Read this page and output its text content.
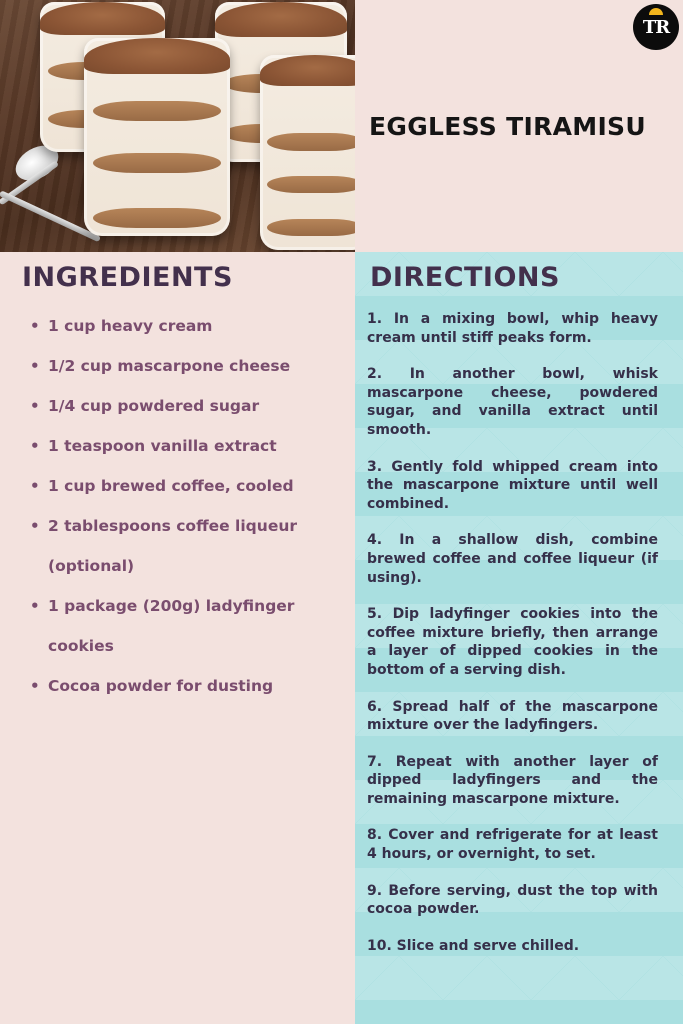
TR
EGGLESS TIRAMISU
INGREDIENTS
• 1 cup heavy cream
• 1/2 cup mascarpone cheese
• 1/4 cup powdered sugar
• 1 teaspoon vanilla extract
• 1 cup brewed coffee, cooled
• 2 tablespoons coffee liqueur (optional)
• 1 package (200g) ladyfinger cookies
• Cocoa powder for dusting
DIRECTIONS
1. In a mixing bowl, whip heavy cream until stiff peaks form.
2. In another bowl, whisk mascarpone cheese, powdered sugar, and vanilla extract until smooth.
3. Gently fold whipped cream into the mascarpone mixture until well combined.
4. In a shallow dish, combine brewed coffee and coffee liqueur (if using).
5. Dip ladyfinger cookies into the coffee mixture briefly, then arrange a layer of dipped cookies in the bottom of a serving dish.
6. Spread half of the mascarpone mixture over the ladyfingers.
7. Repeat with another layer of dipped ladyfingers and the remaining mascarpone mixture.
8. Cover and refrigerate for at least 4 hours, or overnight, to set.
9. Before serving, dust the top with cocoa powder.
10. Slice and serve chilled.
